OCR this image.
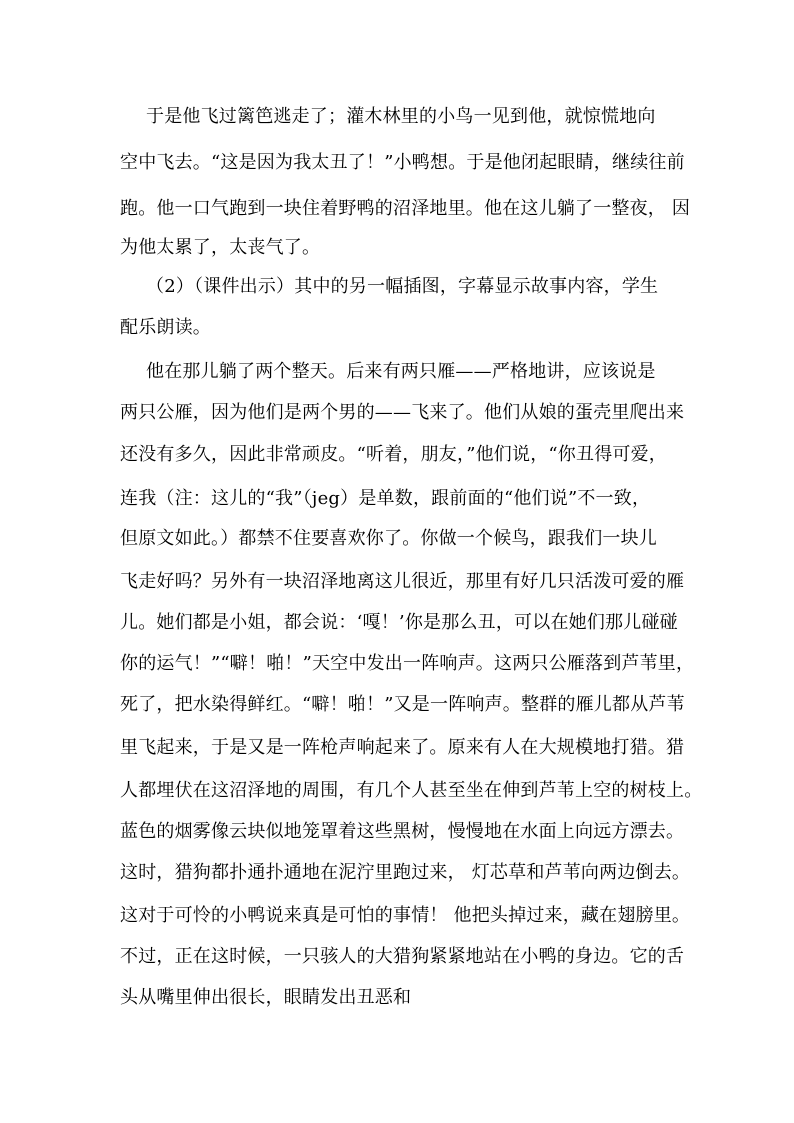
于是他飞过篱笆逃走了；灌木林里的小鸟一见到他，就惊慌地向
空中飞去。“这是因为我太丑了！”小鸭想。于是他闭起眼睛，继续往前
跑。他一口气跑到一块住着野鸭的沼泽地里。他在这儿躺了一整夜， 因
为他太累了，太丧气了。
（2）（课件出示）其中的另一幅插图，字幕显示故事内容，学生
配乐朗读。
他在那儿躺了两个整天。后来有两只雁——严格地讲，应该说是
两只公雁，因为他们是两个男的——飞来了。他们从娘的蛋壳里爬出来
还没有多久，因此非常顽皮。“听着，朋友，”他们说，“你丑得可爱，
连我（注：这儿的“我”（jeg）是单数，跟前面的“他们说”不一致，
但原文如此。）都禁不住要喜欢你了。你做一个候鸟，跟我们一块儿
飞走好吗？另外有一块沼泽地离这儿很近，那里有好几只活泼可爱的雁
儿。她们都是小姐，都会说：‘嘎！’你是那么丑，可以在她们那儿碰碰
你的运气！”“噼！啪！”天空中发出一阵响声。这两只公雁落到芦苇里，
死了，把水染得鲜红。“噼！啪！”又是一阵响声。整群的雁儿都从芦苇
里飞起来，于是又是一阵枪声响起来了。原来有人在大规模地打猎。猎
人都埋伏在这沼泽地的周围，有几个人甚至坐在伸到芦苇上空的树枝上。
蓝色的烟雾像云块似地笼罩着这些黑树，慢慢地在水面上向远方漂去。
这时，猎狗都扑通扑通地在泥泞里跑过来， 灯芯草和芦苇向两边倒去。
这对于可怜的小鸭说来真是可怕的事情！ 他把头掉过来，藏在翅膀里。
不过，正在这时候，一只骇人的大猎狗紧紧地站在小鸭的身边。它的舌
头从嘴里伸出很长，眼睛发出丑恶和
